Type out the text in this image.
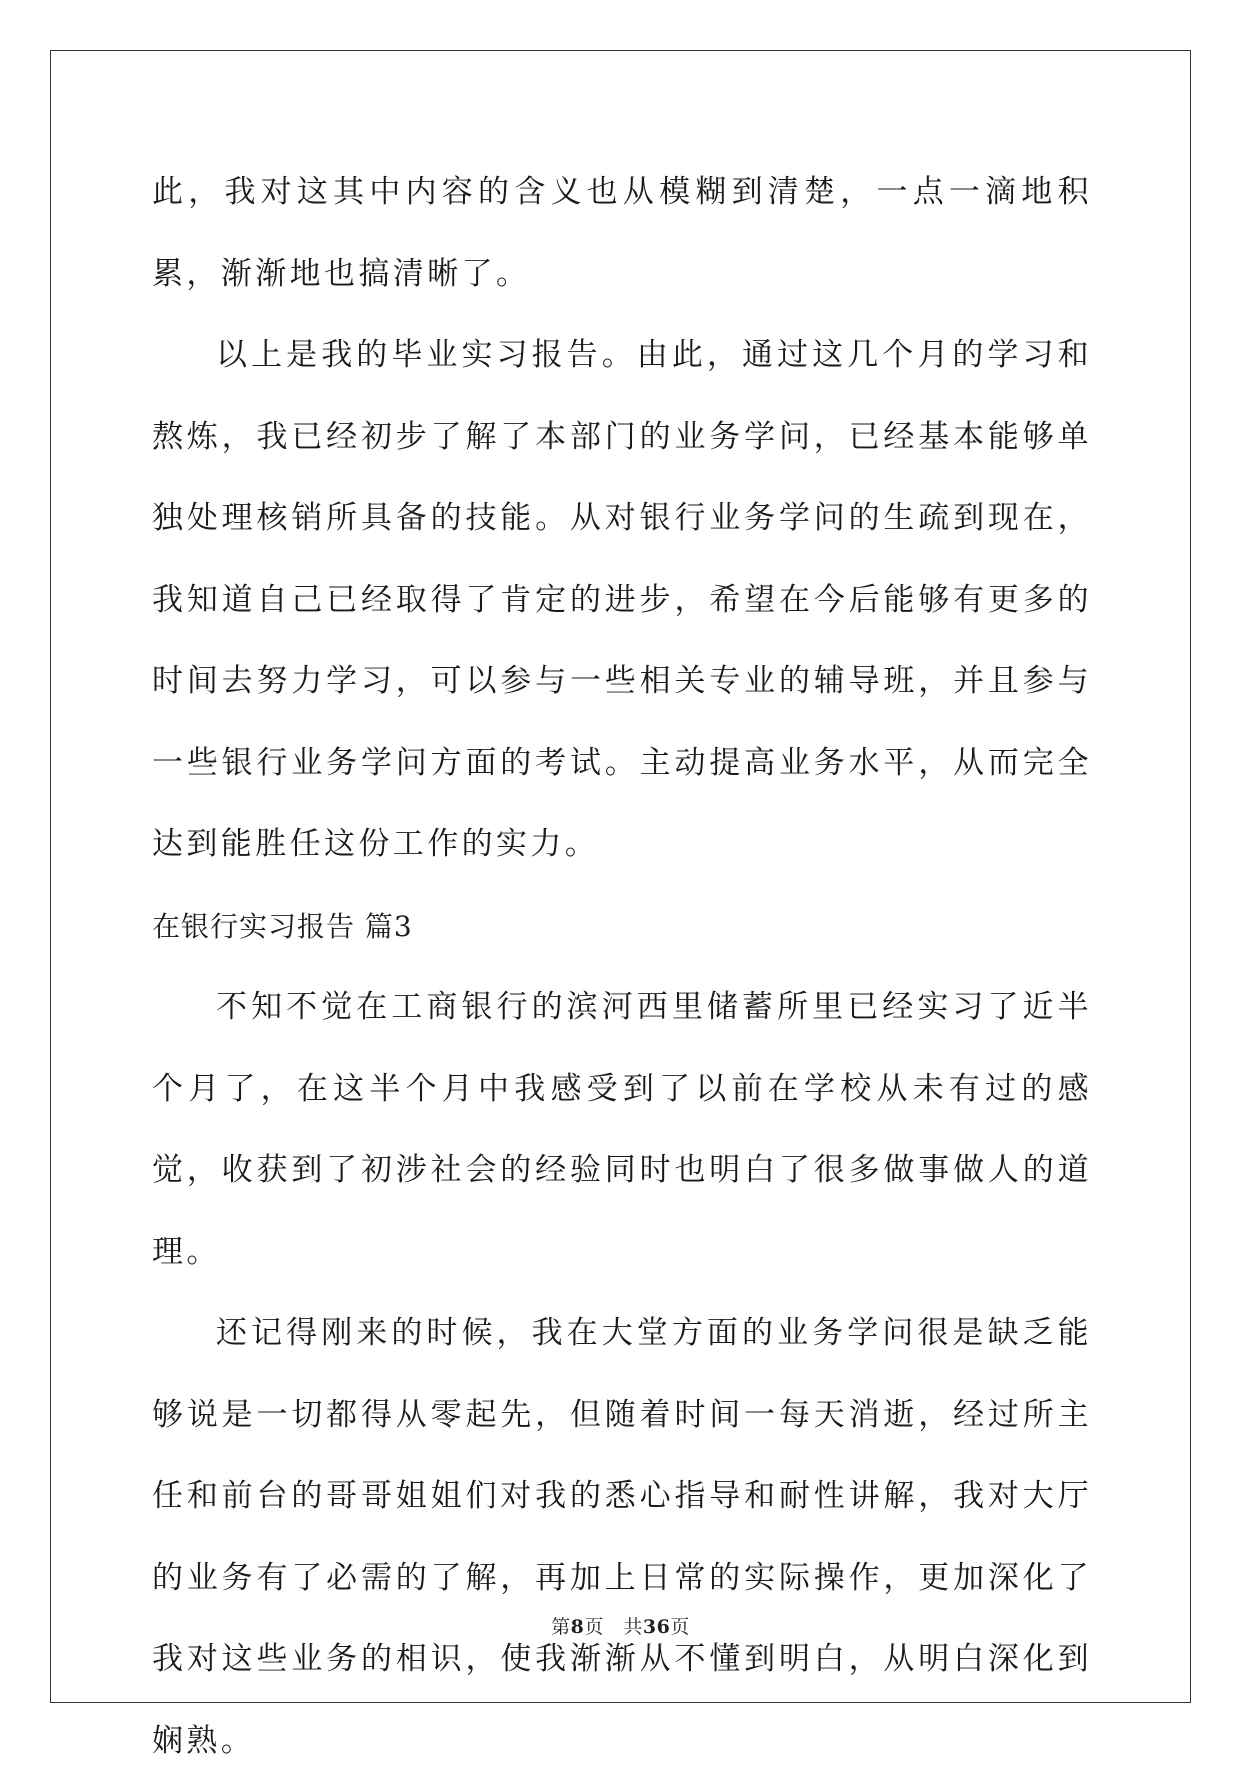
此，我对这其中内容的含义也从模糊到清楚，一点一滴地积累，渐渐地也搞清晰了。

以上是我的毕业实习报告。由此，通过这几个月的学习和熬炼，我已经初步了解了本部门的业务学问，已经基本能够单独处理核销所具备的技能。从对银行业务学问的生疏到现在，我知道自己已经取得了肯定的进步，希望在今后能够有更多的时间去努力学习，可以参与一些相关专业的辅导班，并且参与一些银行业务学问方面的考试。主动提高业务水平，从而完全达到能胜任这份工作的实力。

在银行实习报告 篇3

不知不觉在工商银行的滨河西里储蓄所里已经实习了近半个月了，在这半个月中我感受到了以前在学校从未有过的感觉，收获到了初涉社会的经验同时也明白了很多做事做人的道理。

还记得刚来的时候，我在大堂方面的业务学问很是缺乏能够说是一切都得从零起先，但随着时间一每天消逝，经过所主任和前台的哥哥姐姐们对我的悉心指导和耐性讲解，我对大厅的业务有了必需的了解，再加上日常的实际操作，更加深化了我对这些业务的相识，使我渐渐从不懂到明白，从明白深化到娴熟。

第8页　共36页
